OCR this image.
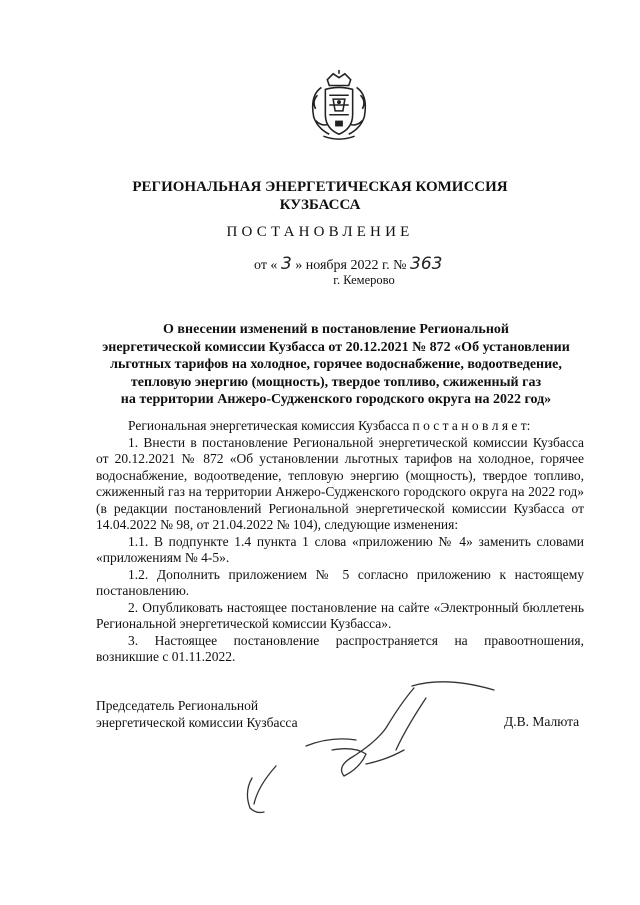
РЕГИОНАЛЬНАЯ ЭНЕРГЕТИЧЕСКАЯ КОМИССИЯ
КУЗБАССА
ПОСТАНОВЛЕНИЕ
от « 3 » ноября 2022 г. № 363
г. Кемерово
О внесении изменений в постановление Региональной
энергетической комиссии Кузбасса от 20.12.2021 № 872 «Об установлении
льготных тарифов на холодное, горячее водоснабжение, водоотведение,
тепловую энергию (мощность), твердое топливо, сжиженный газ
на территории Анжеро-Судженского городского округа на 2022 год»

Региональная энергетическая комиссия Кузбасса п о с т а н о в л я е т:

1. Внести в постановление Региональной энергетической комиссии Кузбасса от 20.12.2021 № 872 «Об установлении льготных тарифов на холодное, горячее водоснабжение, водоотведение, тепловую энергию (мощность), твердое топливо, сжиженный газ на территории Анжеро-Судженского городского округа на 2022 год» (в редакции постановлений Региональной энергетической комиссии Кузбасса от 14.04.2022 № 98, от 21.04.2022 № 104), следующие изменения:

1.1. В подпункте 1.4 пункта 1 слова «приложению № 4» заменить словами «приложениям № 4-5».

1.2. Дополнить приложением № 5 согласно приложению к настоящему постановлению.

2. Опубликовать настоящее постановление на сайте «Электронный бюллетень Региональной энергетической комиссии Кузбасса».

3. Настоящее постановление распространяется на правоотношения, возникшие с 01.11.2022.

Председатель Региональной
энергетической комиссии Кузбасса	Д.В. Малюта
